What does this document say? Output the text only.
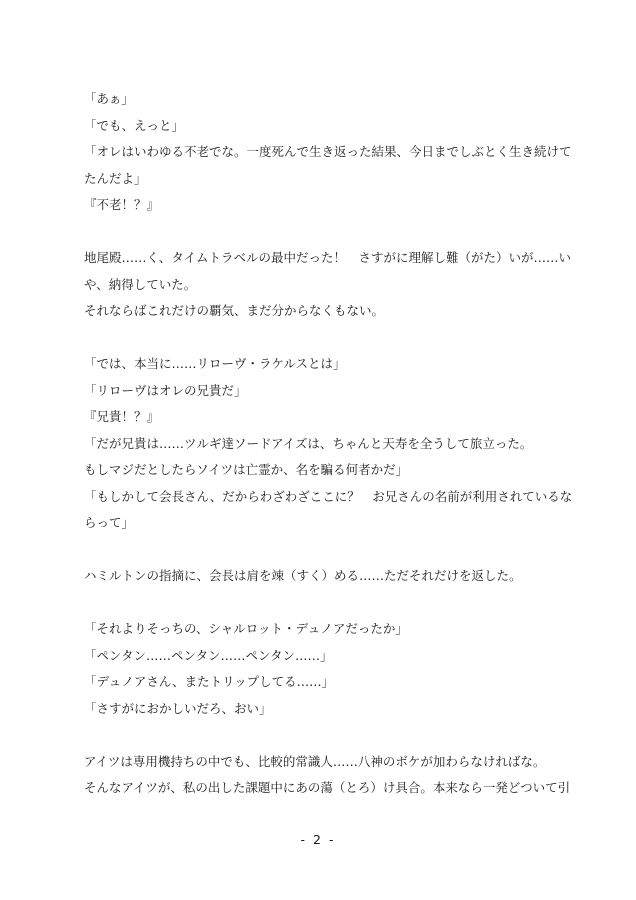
「あぁ」
「でも、えっと」
「オレはいわゆる不老でな。一度死んで生き返った結果、今日までしぶとく生き続けて
たんだよ」
『不老！？』
地尾殿……く、タイムトラベルの最中だった！　さすがに理解し難（がた）いが……い
や、納得していた。
それならばこれだけの覇気、まだ分からなくもない。
「では、本当に……リローヴ・ラケルスとは」
「リローヴはオレの兄貴だ」
『兄貴！？』
「だが兄貴は……ツルギ達ソードアイズは、ちゃんと天寿を全うして旅立った。
もしマジだとしたらソイツは亡霊か、名を騙る何者かだ」
「もしかして会長さん、だからわざわざここに？　お兄さんの名前が利用されているな
らって」
ハミルトンの指摘に、会長は肩を竦（すく）める……ただそれだけを返した。
「それよりそっちの、シャルロット・デュノアだったか」
「ペンタン……ペンタン……ペンタン……」
「デュノアさん、またトリップしてる……」
「さすがにおかしいだろ、おい」
アイツは専用機持ちの中でも、比較的常識人……八神のボケが加わらなければな。
そんなアイツが、私の出した課題中にあの蕩（とろ）け具合。本来なら一発どついて引
- 2 -
